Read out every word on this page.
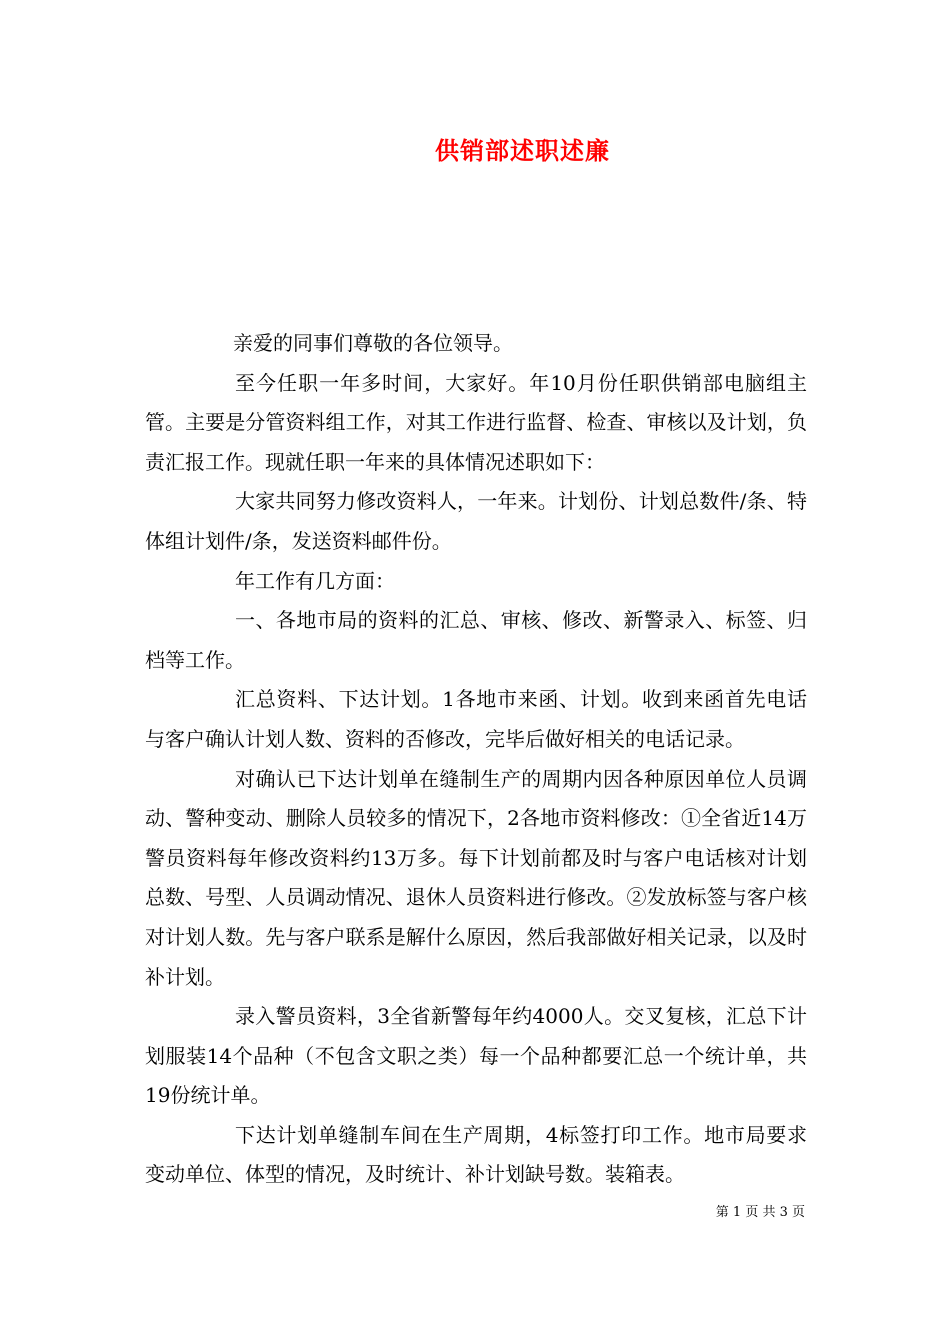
供销部述职述廉

亲爱的同事们尊敬的各位领导。

至今任职一年多时间，大家好。年10月份任职供销部电脑组主管。主要是分管资料组工作，对其工作进行监督、检查、审核以及计划，负责汇报工作。现就任职一年来的具体情况述职如下：

大家共同努力修改资料人，一年来。计划份、计划总数件/条、特体组计划件/条，发送资料邮件份。

年工作有几方面：

一、各地市局的资料的汇总、审核、修改、新警录入、标签、归档等工作。

汇总资料、下达计划。1各地市来函、计划。收到来函首先电话与客户确认计划人数、资料的否修改，完毕后做好相关的电话记录。

对确认已下达计划单在缝制生产的周期内因各种原因单位人员调动、警种变动、删除人员较多的情况下，2各地市资料修改：①全省近14万警员资料每年修改资料约13万多。每下计划前都及时与客户电话核对计划总数、号型、人员调动情况、退休人员资料进行修改。②发放标签与客户核对计划人数。先与客户联系是解什么原因，然后我部做好相关记录，以及时补计划。

录入警员资料，3全省新警每年约4000人。交叉复核，汇总下计划服装14个品种（不包含文职之类）每一个品种都要汇总一个统计单，共19份统计单。

下达计划单缝制车间在生产周期，4标签打印工作。地市局要求变动单位、体型的情况，及时统计、补计划缺号数。装箱表。

第 1 页 共 3 页
